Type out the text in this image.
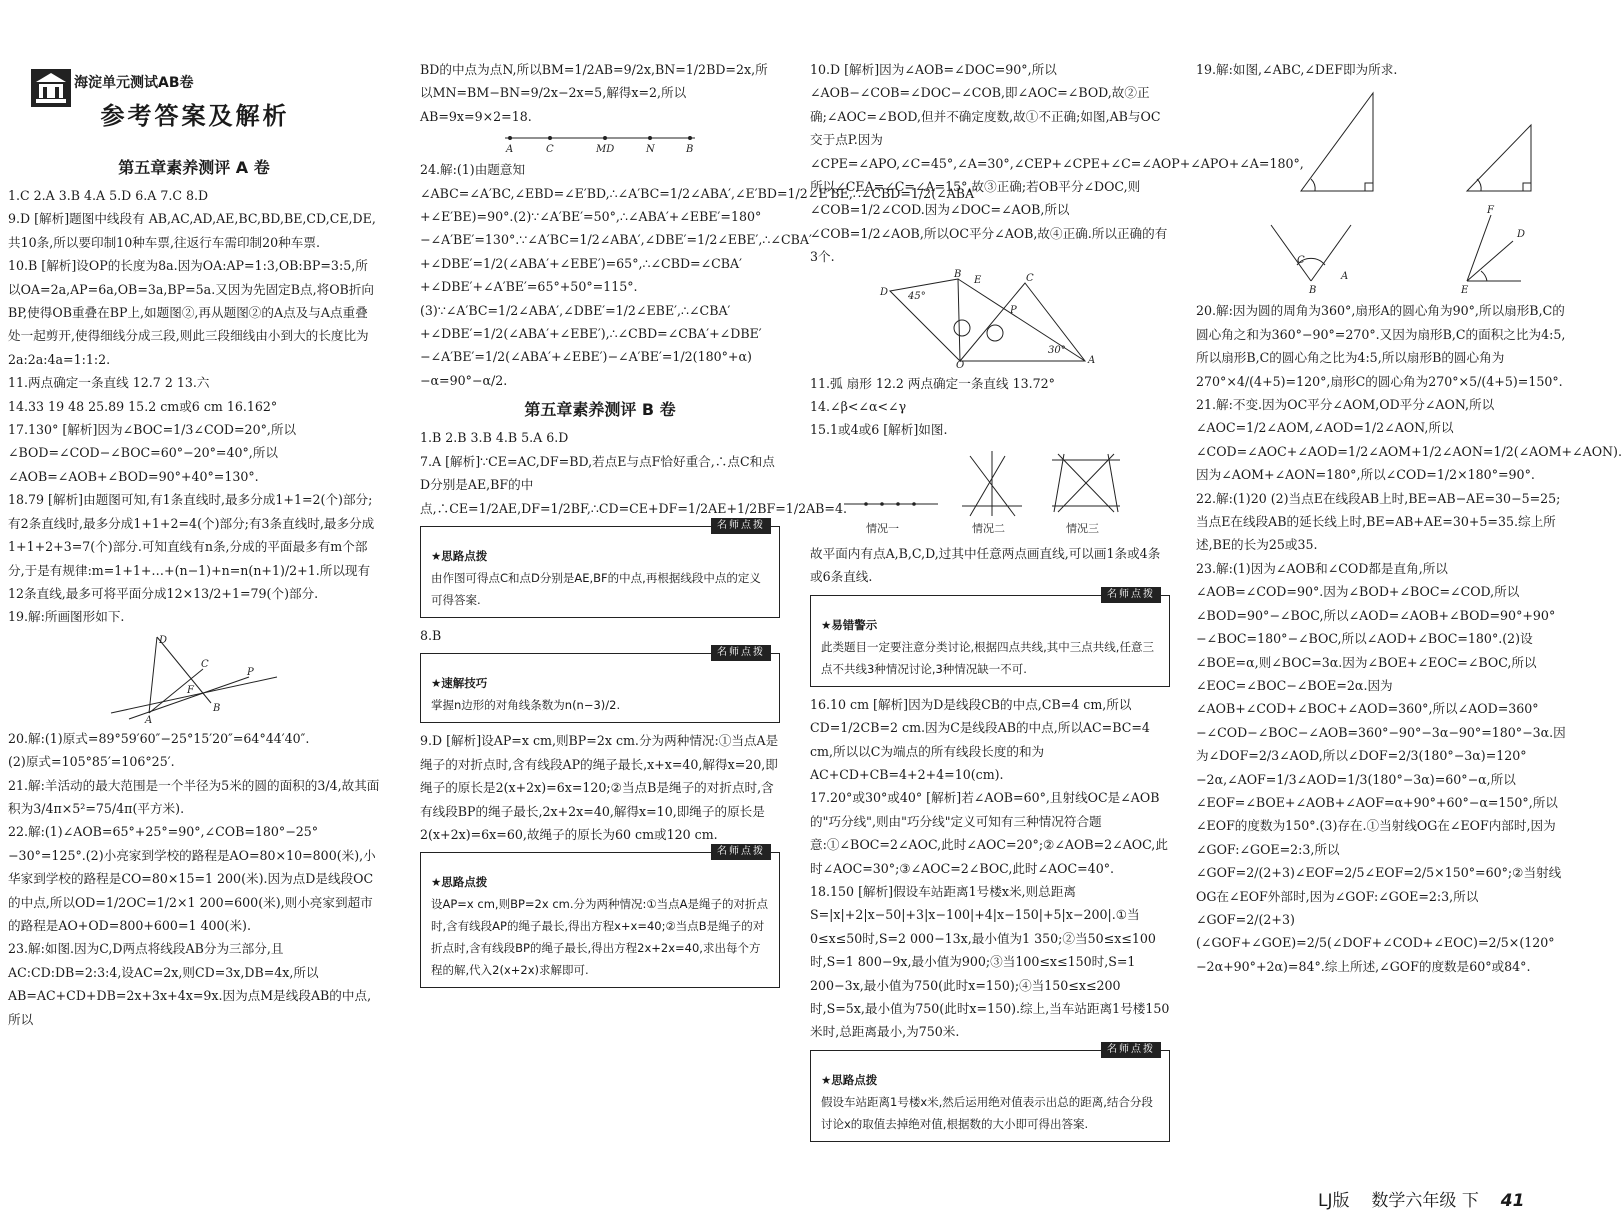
海淀单元测试AB卷
参考答案及解析
第五章素养测评 A 卷

1.C 2.A 3.B 4.A 5.D 6.A 7.C 8.D

9.D [解析]题图中线段有 AB,AC,AD,AE,BC,BD,BE,CD,CE,DE,共10条,所以要印制10种车票,往返行车需印制20种车票.

10.B [解析]设OP的长度为8a.因为OA:AP=1:3,OB:BP=3:5,所以OA=2a,AP=6a,OB=3a,BP=5a.又因为先固定B点,将OB折向BP,使得OB重叠在BP上,如题图②,再从题图②的A点及与A点重叠处一起剪开,使得细线分成三段,则此三段细线由小到大的长度比为2a:2a:4a=1:1:2.

11.两点确定一条直线 12.7 2 13.六

14.33 19 48 25.89 15.2 cm或6 cm 16.162°

17.130° [解析]因为∠BOC=1/3∠COD=20°,所以∠BOD=∠COD−∠BOC=60°−20°=40°,所以∠AOB=∠AOB+∠BOD=90°+40°=130°.

18.79 [解析]由题图可知,有1条直线时,最多分成1+1=2(个)部分;有2条直线时,最多分成1+1+2=4(个)部分;有3条直线时,最多分成1+1+2+3=7(个)部分.可知直线有n条,分成的平面最多有m个部分,于是有规律:m=1+1+…+(n−1)+n=n(n+1)/2+1.所以现有12条直线,最多可将平面分成12×13/2+1=79(个)部分.

19.解:所画图形如下.

D
C
F
P
A
B

20.解:(1)原式=89°59′60″−25°15′20″=64°44′40″.

(2)原式=105°85′=106°25′.

21.解:羊活动的最大范围是一个半径为5米的圆的面积的3/4,故其面积为3/4π×5²=75/4π(平方米).

22.解:(1)∠AOB=65°+25°=90°,∠COB=180°−25°−30°=125°.(2)小亮家到学校的路程是AO=80×10=800(米),小华家到学校的路程是CO=80×15=1 200(米).因为点D是线段OC的中点,所以OD=1/2OC=1/2×1 200=600(米),则小亮家到超市的路程是AO+OD=800+600=1 400(米).

23.解:如图.因为C,D两点将线段AB分为三部分,且AC:CD:DB=2:3:4,设AC=2x,则CD=3x,DB=4x,所以AB=AC+CD+DB=2x+3x+4x=9x.因为点M是线段AB的中点,所以

BD的中点为点N,所以BM=1/2AB=9/2x,BN=1/2BD=2x,所以MN=BM−BN=9/2x−2x=5,解得x=2,所以AB=9x=9×2=18.

A	C	MD	N	B

24.解:(1)由题意知∠ABC=∠A′BC,∠EBD=∠E′BD,∴∠A′BC=1/2∠ABA′,∠E′BD=1/2∠E′BE,∴∠CBD=1/2(∠ABA′+∠E′BE)=90°.(2)∵∠A′BE′=50°,∴∠ABA′+∠EBE′=180°−∠A′BE′=130°.∵∠A′BC=1/2∠ABA′,∠DBE′=1/2∠EBE′,∴∠CBA′+∠DBE′=1/2(∠ABA′+∠EBE′)=65°,∴∠CBD=∠CBA′+∠DBE′+∠A′BE′=65°+50°=115°.(3)∵∠A′BC=1/2∠ABA′,∠DBE′=1/2∠EBE′,∴∠CBA′+∠DBE′=1/2(∠ABA′+∠EBE′),∴∠CBD=∠CBA′+∠DBE′−∠A′BE′=1/2(∠ABA′+∠EBE′)−∠A′BE′=1/2(180°+α)−α=90°−α/2.

第五章素养测评 B 卷

1.B 2.B 3.B 4.B 5.A 6.D

7.A [解析]∵CE=AC,DF=BD,若点E与点F恰好重合,∴点C和点D分别是AE,BF的中点,∴CE=1/2AE,DF=1/2BF,∴CD=CE+DF=1/2AE+1/2BF=1/2AB=4.

名师点拨
★思路点拨
由作图可得点C和点D分别是AE,BF的中点,再根据线段中点的定义可得答案.

8.B

名师点拨
★速解技巧
掌握n边形的对角线条数为n(n−3)/2.

9.D [解析]设AP=x cm,则BP=2x cm.分为两种情况:①当点A是绳子的对折点时,含有线段AP的绳子最长,x+x=40,解得x=20,即绳子的原长是2(x+2x)=6x=120;②当点B是绳子的对折点时,含有线段BP的绳子最长,2x+2x=40,解得x=10,即绳子的原长是2(x+2x)=6x=60,故绳子的原长为60 cm或120 cm.

名师点拨
★思路点拨
设AP=x cm,则BP=2x cm.分为两种情况:①当点A是绳子的对折点时,含有线段AP的绳子最长,得出方程x+x=40;②当点B是绳子的对折点时,含有线段BP的绳子最长,得出方程2x+2x=40,求出每个方程的解,代入2(x+2x)求解即可.

10.D [解析]因为∠AOB=∠DOC=90°,所以∠AOB−∠COB=∠DOC−∠COB,即∠AOC=∠BOD,故②正确;∠AOC=∠BOD,但并不确定度数,故①不正确;如图,AB与OC交于点P.因为∠CPE=∠APO,∠C=45°,∠A=30°,∠CEP+∠CPE+∠C=∠AOP+∠APO+∠A=180°,所以∠CEA=∠C=∠A=15°,故③正确;若OB平分∠DOC,则∠COB=1/2∠COD.因为∠DOC=∠AOB,所以∠COB=1/2∠AOB,所以OC平分∠AOB,故④正确.所以正确的有3个.

D
B
E	C
P
O	A
45°
30°

11.弧 扇形 12.2 两点确定一条直线 13.72°

14.∠β<∠α<∠γ

15.1或4或6 [解析]如图.

情况一	情况二	情况三

故平面内有点A,B,C,D,过其中任意两点画直线,可以画1条或4条或6条直线.

名师点拨
★易错警示
此类题目一定要注意分类讨论,根据四点共线,其中三点共线,任意三点不共线3种情况讨论,3种情况缺一不可.

16.10 cm [解析]因为D是线段CB的中点,CB=4 cm,所以CD=1/2CB=2 cm.因为C是线段AB的中点,所以AC=BC=4 cm,所以以C为端点的所有线段长度的和为AC+CD+CB=4+2+4=10(cm).

17.20°或30°或40° [解析]若∠AOB=60°,且射线OC是∠AOB的"巧分线",则由"巧分线"定义可知有三种情况符合题意:①∠BOC=2∠AOC,此时∠AOC=20°;②∠AOB=2∠AOC,此时∠AOC=30°;③∠AOC=2∠BOC,此时∠AOC=40°.

18.150 [解析]假设车站距离1号楼x米,则总距离S=|x|+2|x−50|+3|x−100|+4|x−150|+5|x−200|.①当0≤x≤50时,S=2 000−13x,最小值为1 350;②当50≤x≤100时,S=1 800−9x,最小值为900;③当100≤x≤150时,S=1 200−3x,最小值为750(此时x=150);④当150≤x≤200时,S=5x,最小值为750(此时x=150).综上,当车站距离1号楼150米时,总距离最小,为750米.

名师点拨
★思路点拨
假设车站距离1号楼x米,然后运用绝对值表示出总的距离,结合分段讨论x的取值去掉绝对值,根据数的大小即可得出答案.

19.解:如图,∠ABC,∠DEF即为所求.

C
B
A
F
D
E

20.解:因为圆的周角为360°,扇形A的圆心角为90°,所以扇形B,C的圆心角之和为360°−90°=270°.又因为扇形B,C的面积之比为4:5,所以扇形B,C的圆心角之比为4:5,所以扇形B的圆心角为270°×4/(4+5)=120°,扇形C的圆心角为270°×5/(4+5)=150°.

21.解:不变.因为OC平分∠AOM,OD平分∠AON,所以∠AOC=1/2∠AOM,∠AOD=1/2∠AON,所以∠COD=∠AOC+∠AOD=1/2∠AOM+1/2∠AON=1/2(∠AOM+∠AON).因为∠AOM+∠AON=180°,所以∠COD=1/2×180°=90°.

22.解:(1)20 (2)当点E在线段AB上时,BE=AB−AE=30−5=25;当点E在线段AB的延长线上时,BE=AB+AE=30+5=35.综上所述,BE的长为25或35.

23.解:(1)因为∠AOB和∠COD都是直角,所以∠AOB=∠COD=90°.因为∠BOD+∠BOC=∠COD,所以∠BOD=90°−∠BOC,所以∠AOD=∠AOB+∠BOD=90°+90°−∠BOC=180°−∠BOC,所以∠AOD+∠BOC=180°.(2)设∠BOE=α,则∠BOC=3α.因为∠BOE+∠EOC=∠BOC,所以∠EOC=∠BOC−∠BOE=2α.因为∠AOB+∠COD+∠BOC+∠AOD=360°,所以∠AOD=360°−∠COD−∠BOC−∠AOB=360°−90°−3α−90°=180°−3α.因为∠DOF=2/3∠AOD,所以∠DOF=2/3(180°−3α)=120°−2α,∠AOF=1/3∠AOD=1/3(180°−3α)=60°−α,所以∠EOF=∠BOE+∠AOB+∠AOF=α+90°+60°−α=150°,所以∠EOF的度数为150°.(3)存在.①当射线OG在∠EOF内部时,因为∠GOF:∠GOE=2:3,所以∠GOF=2/(2+3)∠EOF=2/5∠EOF=2/5×150°=60°;②当射线OG在∠EOF外部时,因为∠GOF:∠GOE=2:3,所以∠GOF=2/(2+3)(∠GOF+∠GOE)=2/5(∠DOF+∠COD+∠EOC)=2/5×(120°−2α+90°+2α)=84°.综上所述,∠GOF的度数是60°或84°.

LJ版 数学六年级 下 41
